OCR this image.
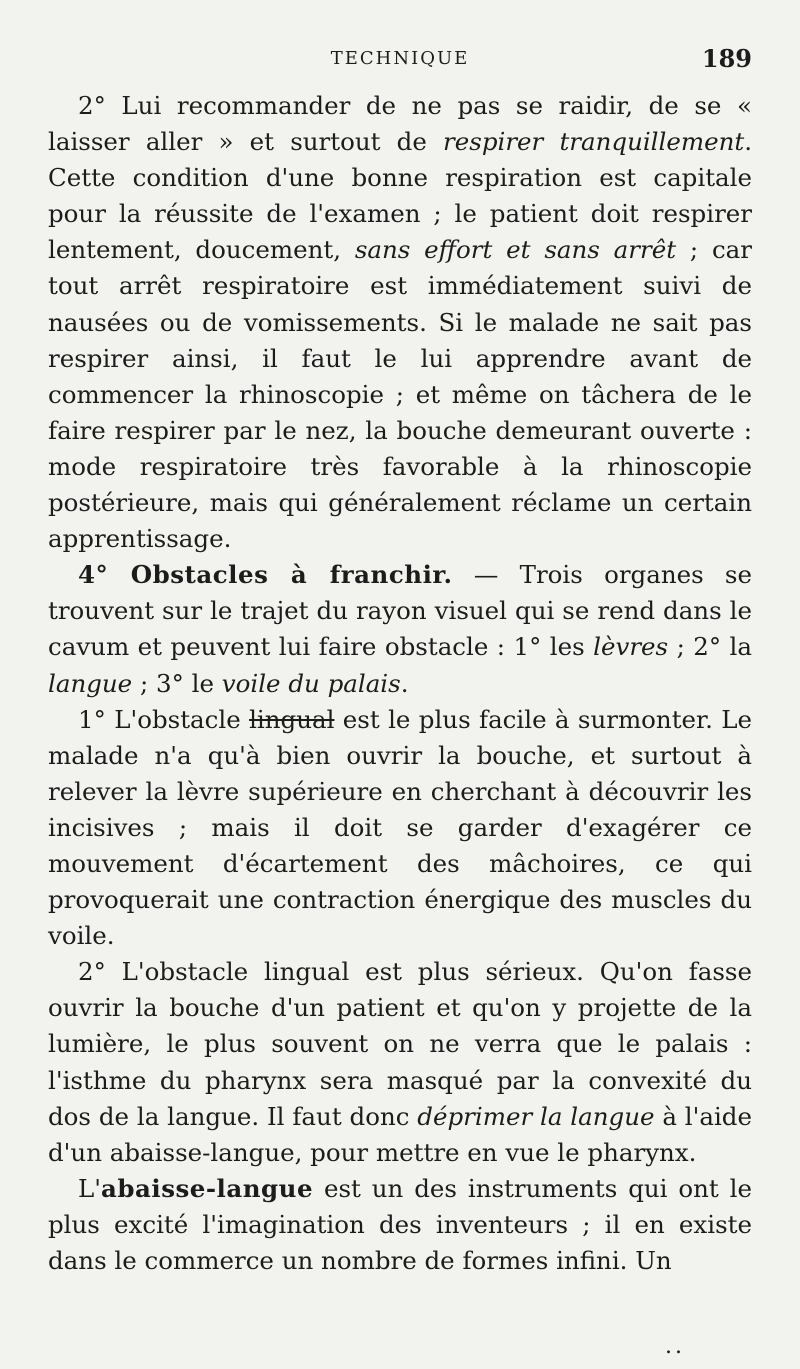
TECHNIQUE	189

2° Lui recommander de ne pas se raidir, de se « laisser aller » et surtout de respirer tranquillement. Cette condition d'une bonne respiration est capitale pour la réussite de l'examen ; le patient doit respirer lentement, doucement, sans effort et sans arrêt ; car tout arrêt respiratoire est immédiatement suivi de nausées ou de vomissements. Si le malade ne sait pas respirer ainsi, il faut le lui apprendre avant de commencer la rhinoscopie ; et même on tâchera de le faire respirer par le nez, la bouche demeurant ouverte : mode respiratoire très favorable à la rhinoscopie postérieure, mais qui généralement réclame un certain apprentissage.

4° Obstacles à franchir. — Trois organes se trouvent sur le trajet du rayon visuel qui se rend dans le cavum et peuvent lui faire obstacle : 1° les lèvres ; 2° la langue ; 3° le voile du palais.

1° L'obstacle lingual est le plus facile à surmonter. Le malade n'a qu'à bien ouvrir la bouche, et surtout à relever la lèvre supérieure en cherchant à découvrir les incisives ; mais il doit se garder d'exagérer ce mouvement d'écartement des mâchoires, ce qui provoquerait une contraction énergique des muscles du voile.

2° L'obstacle lingual est plus sérieux. Qu'on fasse ouvrir la bouche d'un patient et qu'on y projette de la lumière, le plus souvent on ne verra que le palais : l'isthme du pharynx sera masqué par la convexité du dos de la langue. Il faut donc déprimer la langue à l'aide d'un abaisse-langue, pour mettre en vue le pharynx.

L'abaisse-langue est un des instruments qui ont le plus excité l'imagination des inventeurs ; il en existe dans le commerce un nombre de formes infini. Un

..
